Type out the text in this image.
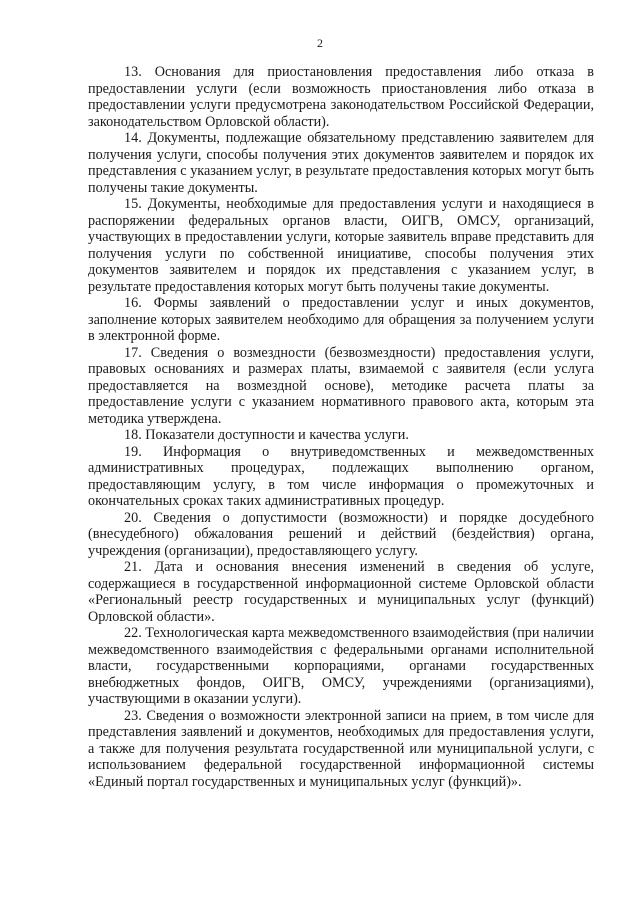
2

13. Основания для приостановления предоставления либо отказа в предоставлении услуги (если возможность приостановления либо отказа в предоставлении услуги предусмотрена законодательством Российской Федерации, законодательством Орловской области).

14. Документы, подлежащие обязательному представлению заявителем для получения услуги, способы получения этих документов заявителем и порядок их представления с указанием услуг, в результате предоставления которых могут быть получены такие документы.

15. Документы, необходимые для предоставления услуги и находящиеся в распоряжении федеральных органов власти, ОИГВ, ОМСУ, организаций, участвующих в предоставлении услуги, которые заявитель вправе представить для получения услуги по собственной инициативе, способы получения этих документов заявителем и порядок их представления с указанием услуг, в результате предоставления которых могут быть получены такие документы.

16. Формы заявлений о предоставлении услуг и иных документов, заполнение которых заявителем необходимо для обращения за получением услуги в электронной форме.

17. Сведения о возмездности (безвозмездности) предоставления услуги, правовых основаниях и размерах платы, взимаемой с заявителя (если услуга предоставляется на возмездной основе), методике расчета платы за предоставление услуги с указанием нормативного правового акта, которым эта методика утверждена.

18. Показатели доступности и качества услуги.

19. Информация о внутриведомственных и межведомственных административных процедурах, подлежащих выполнению органом, предоставляющим услугу, в том числе информация о промежуточных и окончательных сроках таких административных процедур.

20. Сведения о допустимости (возможности) и порядке досудебного (внесудебного) обжалования решений и действий (бездействия) органа, учреждения (организации), предоставляющего услугу.

21. Дата и основания внесения изменений в сведения об услуге, содержащиеся в государственной информационной системе Орловской области «Региональный реестр государственных и муниципальных услуг (функций) Орловской области».

22. Технологическая карта межведомственного взаимодействия (при наличии межведомственного взаимодействия с федеральными органами исполнительной власти, государственными корпорациями, органами государственных внебюджетных фондов, ОИГВ, ОМСУ, учреждениями (организациями), участвующими в оказании услуги).

23. Сведения о возможности электронной записи на прием, в том числе для представления заявлений и документов, необходимых для предоставления услуги, а также для получения результата государственной или муниципальной услуги, с использованием федеральной государственной информационной системы «Единый портал государственных и муниципальных услуг (функций)».
